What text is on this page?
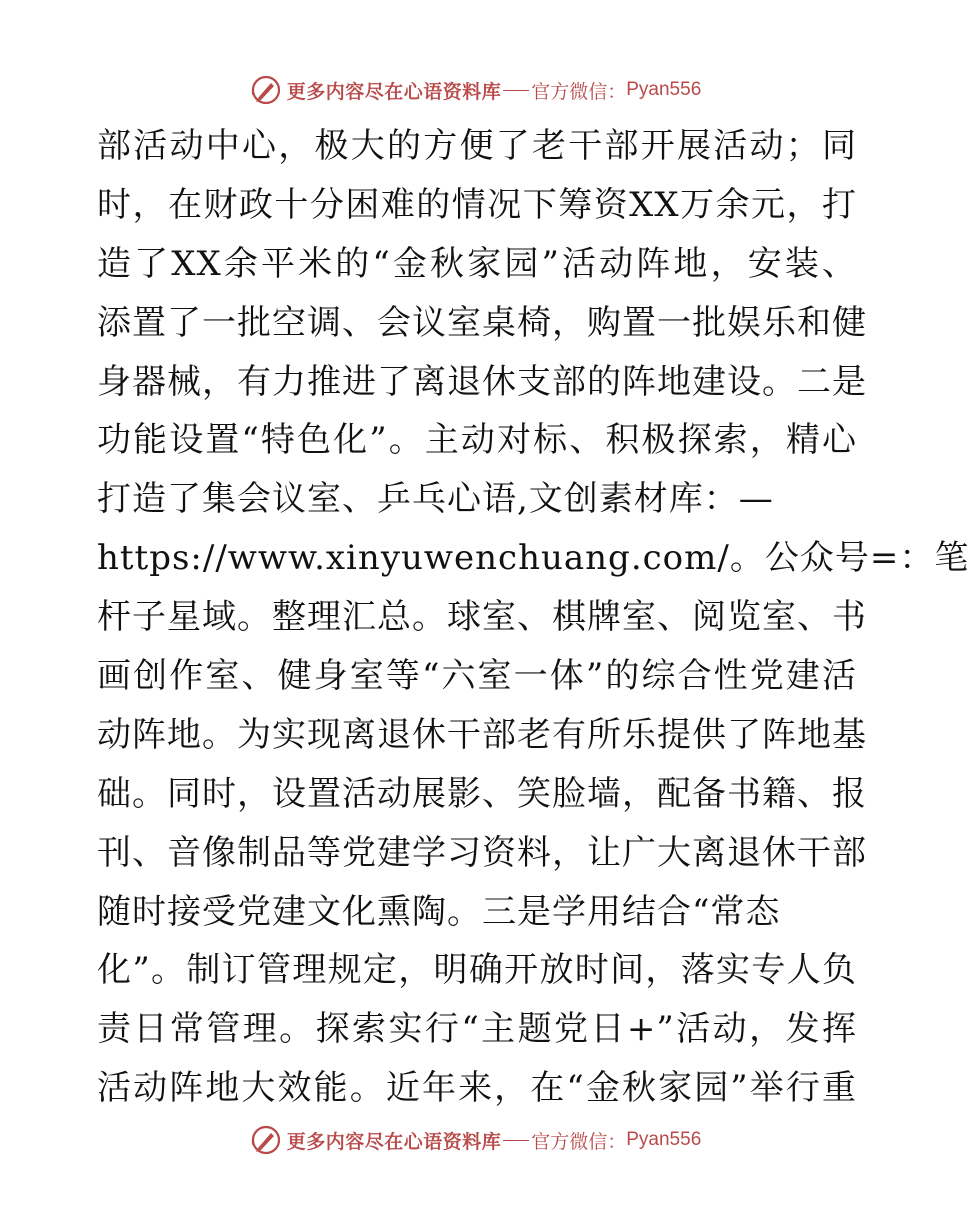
更多内容尽在心语资料库 官方微信： Pyan556
部活动中心，极大的方便了老干部开展活动；同
时，在财政十分困难的情况下筹资XX万余元，打
造了XX余平米的“金秋家园”活动阵地，安装、
添置了一批空调、会议室桌椅，购置一批娱乐和健
身器械，有力推进了离退休支部的阵地建设。二是
功能设置“特色化”。主动对标、积极探索，精心
打造了集会议室、乒乓心语,文创素材库：—
https://www.xinyuwenchuang.com/。公众号=：笔
杆子星域。整理汇总。球室、棋牌室、阅览室、书
画创作室、健身室等“六室一体”的综合性党建活
动阵地。为实现离退休干部老有所乐提供了阵地基
础。同时，设置活动展影、笑脸墙，配备书籍、报
刊、音像制品等党建学习资料，让广大离退休干部
随时接受党建文化熏陶。三是学用结合“常态
化”。制订管理规定，明确开放时间，落实专人负
责日常管理。探索实行“主题党日+”活动，发挥
活动阵地大效能。近年来，在“金秋家园”举行重
更多内容尽在心语资料库 官方微信： Pyan556
